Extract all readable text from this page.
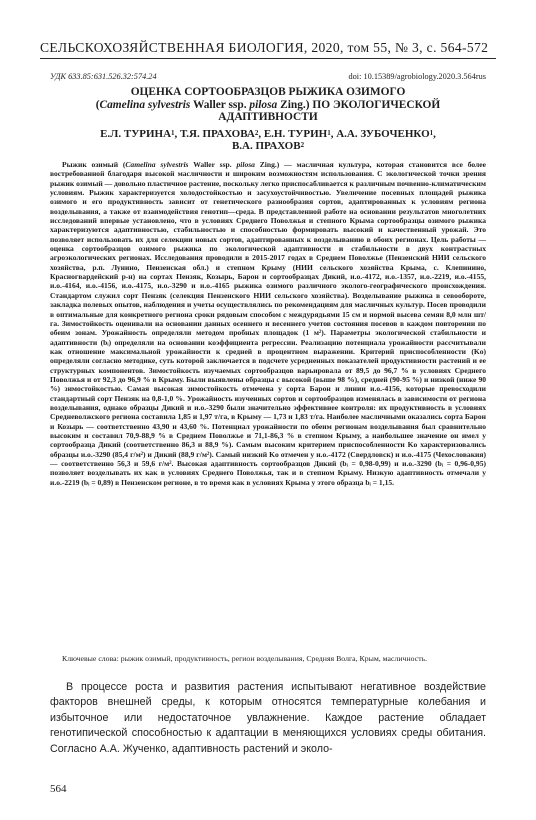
СЕЛЬСКОХОЗЯЙСТВЕННАЯ БИОЛОГИЯ, 2020, том 55, № 3, с. 564-572
УДК 633.85:631.526.32:574.24	doi: 10.15389/agrobiology.2020.3.564rus
ОЦЕНКА СОРТООБРАЗЦОВ РЫЖИКА ОЗИМОГО
(Camelina sylvestris Waller ssp. pilosa Zing.) ПО ЭКОЛОГИЧЕСКОЙ
АДАПТИВНОСТИ
Е.Л. ТУРИНА$^1$, Т.Я. ПРАХОВА$^2$, Е.Н. ТУРИН$^1$, А.А. ЗУБОЧЕНКО$^1$,
В.А. ПРАХОВ$^2$

Рыжик озимый (Camelina sylvestris Waller ssp. pilosa Zing.) — масличная культура, которая становится все более востребованной благодаря высокой масличности и широким возможностям использования. С экологической точки зрения рыжик озимый — довольно пластичное растение, поскольку легко приспосабливается к различным почвенно-климатическим условиям. Рыжик характеризуется холодостойкостью и засухоустойчивостью. Увеличение посевных площадей рыжика озимого и его продуктивность зависит от генетического разнообразия сортов, адаптированных к условиям региона возделывания, а также от взаимодействия генотип—среда. В представленной работе на основании результатов многолетних исследований впервые установлено, что в условиях Среднего Поволжья и степного Крыма сортообразцы озимого рыжика характеризуются адаптивностью, стабильностью и способностью формировать высокий и качественный урожай. Это позволяет использовать их для селекции новых сортов, адаптированных к возделыванию в обоих регионах. Цель работы — оценка сортообразцов озимого рыжика по экологической адаптивности и стабильности в двух контрастных агроэкологических регионах. Исследования проводили в 2015-2017 годах в Среднем Поволжье (Пензенский НИИ сельского хозяйства, р.п. Лунино, Пензенская обл.) и степном Крыму (НИИ сельского хозяйства Крыма, с. Клепинино, Красногвардейский р-н) на сортах Пензяк, Козырь, Барон и сортообразцах Дикий, и.о.-4172, и.о.-1357, и.о.-2219, и.о.-4155, и.о.-4164, и.о.-4156, и.о.-4175, и.о.-3290 и и.о.-4165 рыжика озимого различного эколого-географического происхождения. Стандартом служил сорт Пензяк (селекция Пензенского НИИ сельского хозяйства). Возделывание рыжика в севообороте, закладка полевых опытов, наблюдения и учеты осуществлялись по рекомендациям для масличных культур. Посев проводили в оптимальные для конкретного региона сроки рядовым способом с междурядьями 15 см и нормой высева семян 8,0 млн шт/га. Зимостойкость оценивали на основании данных осеннего и весеннего учетов состояния посевов в каждом повторении по обеим зонам. Урожайность определяли методом пробных площадок (1 м²). Параметры экологической стабильности и адаптивности (bᵢ) определяли на основании коэффициента регрессии. Реализацию потенциала урожайности рассчитывали как отношение максимальной урожайности к средней в процентном выражении. Критерий приспособленности (Kᴏ) определяли согласно методике, суть которой заключается в подсчете усредненных показателей продуктивности растений и ее структурных компонентов. Зимостойкость изучаемых сортообразцов варьировала от 89,5 до 96,7 % в условиях Среднего Поволжья и от 92,3 до 96,9 % в Крыму. Были выявлены образцы с высокой (выше 98 %), средней (90-95 %) и низкой (ниже 90 %) зимостойкостью. Самая высокая зимостойкость отмечена у сорта Барон и линии и.о.-4156, которые превосходили стандартный сорт Пензяк на 0,8-1,0 %. Урожайность изученных сортов и сортообразцов изменялась в зависимости от региона возделывания, однако образцы Дикий и и.о.-3290 были значительно эффективнее контроля: их продуктивность в условиях Средневолжского региона составила 1,85 и 1,97 т/га, в Крыму — 1,73 и 1,83 т/га. Наиболее масличными оказались сорта Барон и Козырь — соответственно 43,90 и 43,60 %. Потенциал урожайности по обеим регионам возделывания был сравнительно высоким и составил 70,9-88,9 % в Среднем Поволжье и 71,1-86,3 % в степном Крыму, а наибольшее значение он имел у сортообразца Дикий (соответственно 86,3 и 88,9 %). Самым высоким критерием приспособленности Kᴏ характеризовались образцы и.о.-3290 (85,4 г/м²) и Дикий (88,9 г/м²). Самый низкий Kᴏ отмечен у и.о.-4172 (Свердловск) и и.о.-4175 (Чехословакия) — соответственно 56,3 и 59,6 г/м². Высокая адаптивность сортообразцов Дикий (bᵢ = 0,98-0,99) и и.о.-3290 (bᵢ = 0,96-0,95) позволяет возделывать их как в условиях Среднего Поволжья, так и в степном Крыму. Низкую адаптивность отмечали у и.о.-2219 (bᵢ = 0,89) в Пензенском регионе, в то время как в условиях Крыма у этого образца bᵢ = 1,15.

Ключевые слова: рыжик озимый, продуктивность, регион возделывания, Средняя Волга, Крым, масличность.

В процессе роста и развития растения испытывают негативное воздействие факторов внешней среды, к которым относятся температурные колебания и избыточное или недостаточное увлажнение. Каждое растение обладает генотипической способностью к адаптации в меняющихся условиях среды обитания. Согласно А.А. Жученко, адаптивность растений и эколо-

564
